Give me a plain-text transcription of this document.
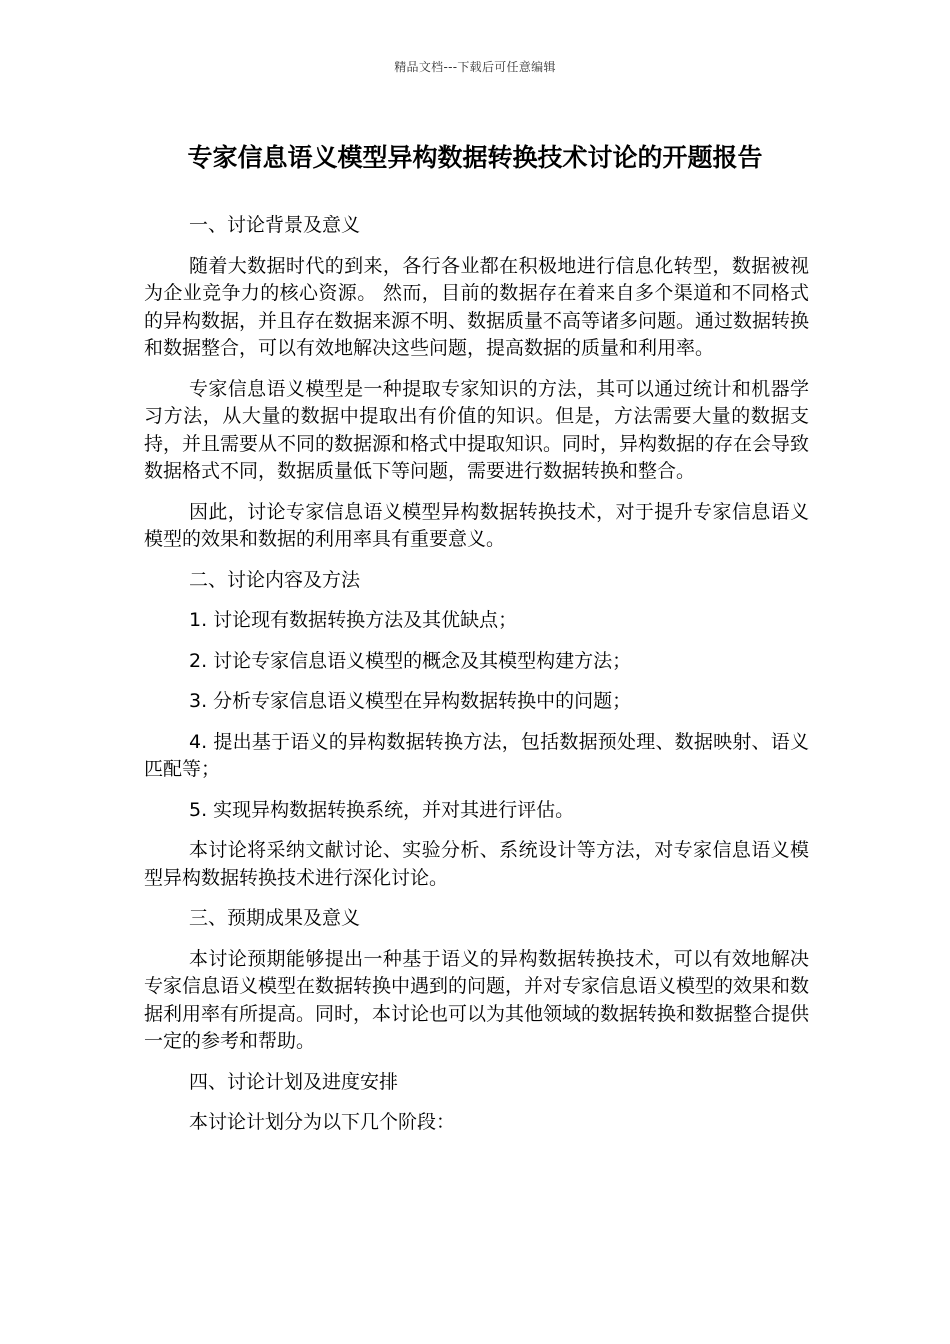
精品文档---下载后可任意编辑
专家信息语义模型异构数据转换技术讨论的开题报告

一、讨论背景及意义

随着大数据时代的到来，各行各业都在积极地进行信息化转型，数据被视为企业竞争力的核心资源。 然而，目前的数据存在着来自多个渠道和不同格式的异构数据，并且存在数据来源不明、数据质量不高等诸多问题。通过数据转换和数据整合，可以有效地解决这些问题，提高数据的质量和利用率。

专家信息语义模型是一种提取专家知识的方法，其可以通过统计和机器学习方法，从大量的数据中提取出有价值的知识。但是，方法需要大量的数据支持，并且需要从不同的数据源和格式中提取知识。同时，异构数据的存在会导致数据格式不同，数据质量低下等问题，需要进行数据转换和整合。

因此，讨论专家信息语义模型异构数据转换技术，对于提升专家信息语义模型的效果和数据的利用率具有重要意义。

二、讨论内容及方法

1. 讨论现有数据转换方法及其优缺点；

2. 讨论专家信息语义模型的概念及其模型构建方法；

3. 分析专家信息语义模型在异构数据转换中的问题；

4. 提出基于语义的异构数据转换方法，包括数据预处理、数据映射、语义匹配等；

5. 实现异构数据转换系统，并对其进行评估。

本讨论将采纳文献讨论、实验分析、系统设计等方法，对专家信息语义模型异构数据转换技术进行深化讨论。

三、预期成果及意义

本讨论预期能够提出一种基于语义的异构数据转换技术，可以有效地解决专家信息语义模型在数据转换中遇到的问题，并对专家信息语义模型的效果和数据利用率有所提高。同时，本讨论也可以为其他领域的数据转换和数据整合提供一定的参考和帮助。

四、讨论计划及进度安排

本讨论计划分为以下几个阶段：
